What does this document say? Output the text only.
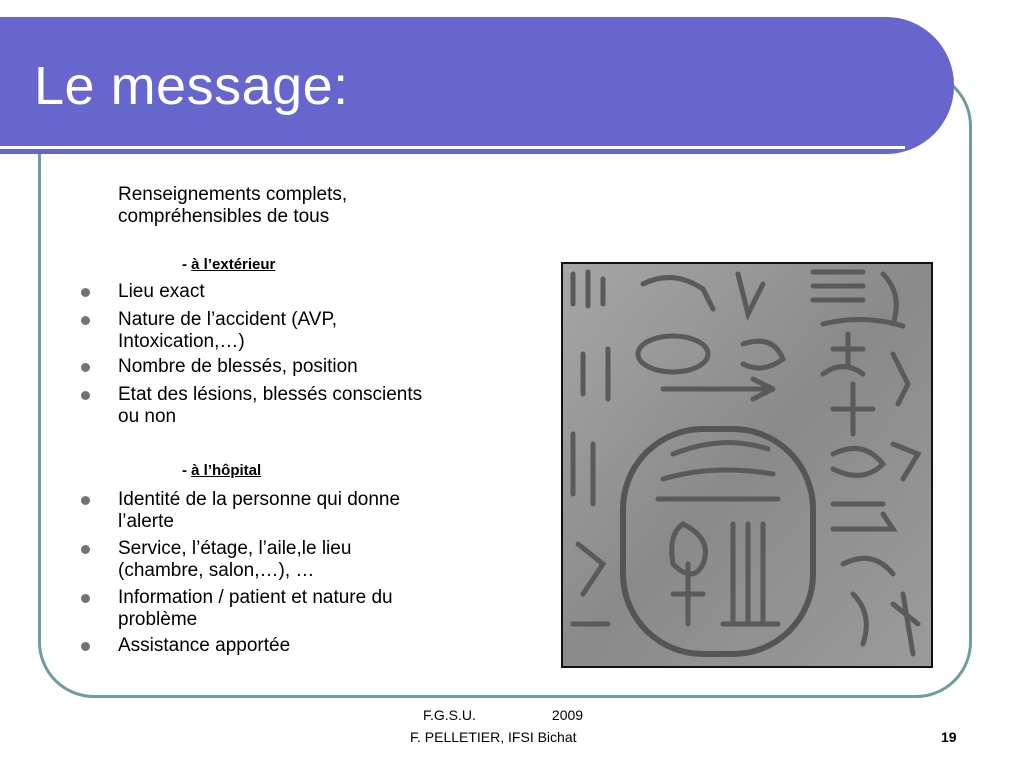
Le message:
Renseignements complets,
compréhensibles de tous
- à l’extérieur
Lieu exact
Nature de l’accident (AVP,
Intoxication,…)
Nombre de blessés, position
Etat des lésions, blessés conscients
ou non
- à l’hôpital
Identité de la personne qui donne
l’alerte
Service, l’étage, l’aile,le lieu
(chambre, salon,…), …
Information / patient et nature du
problème
Assistance apportée
F.G.S.U.	2009
F. PELLETIER, IFSI Bichat	19
